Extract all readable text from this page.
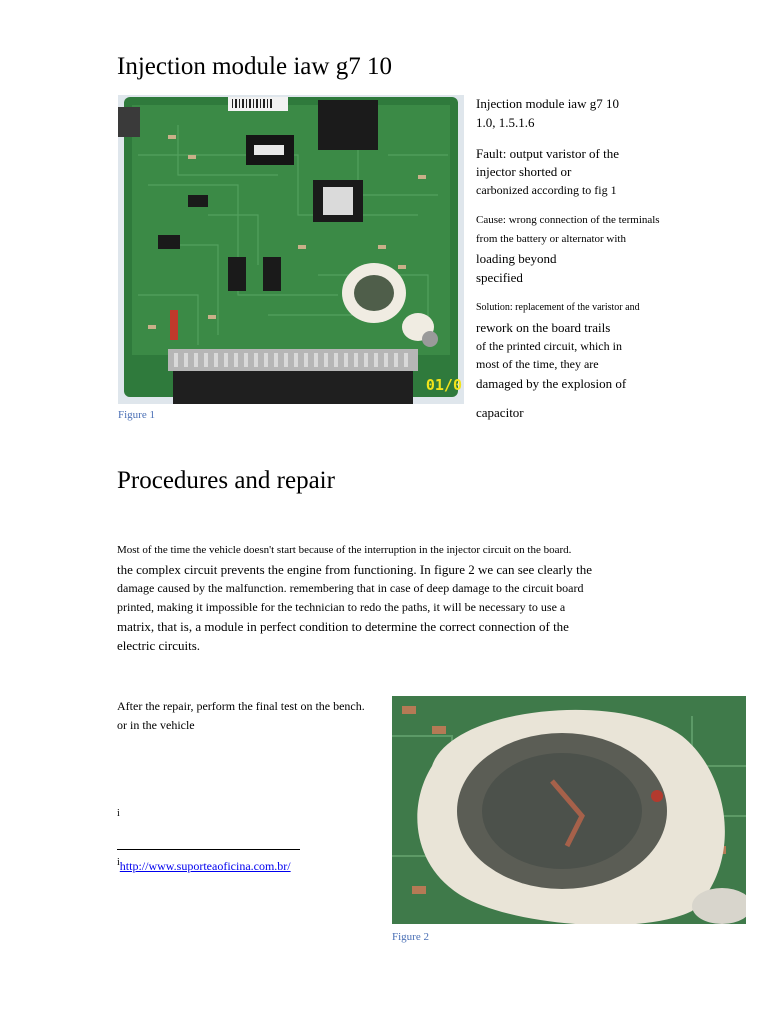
Injection module iaw g7 10
01/0
Figure 1
Injection module iaw g7 10
1.0, 1.5.1.6
Fault: output varistor of the
injector shorted or
carbonized according to fig 1
Cause: wrong connection of the terminals
from the battery or alternator with
loading beyond
specified
Solution: replacement of the varistor and
rework on the board trails
of the printed circuit, which in
most of the time, they are
damaged by the explosion of
capacitor
Procedures and repair
Most of the time the vehicle doesn't start because of the interruption in the injector circuit on the board.
the complex circuit prevents the engine from functioning. In figure 2 we can see clearly the
damage caused by the malfunction. remembering that in case of deep damage to the circuit board
printed, making it impossible for the technician to redo the paths, it will be necessary to use a
matrix, that is, a module in perfect condition to determine the correct connection of the
electric circuits.
After the repair, perform the final test on the bench.
or in the vehicle
i
$^i$http://www.suporteaoficina.com.br/
Figure 2
